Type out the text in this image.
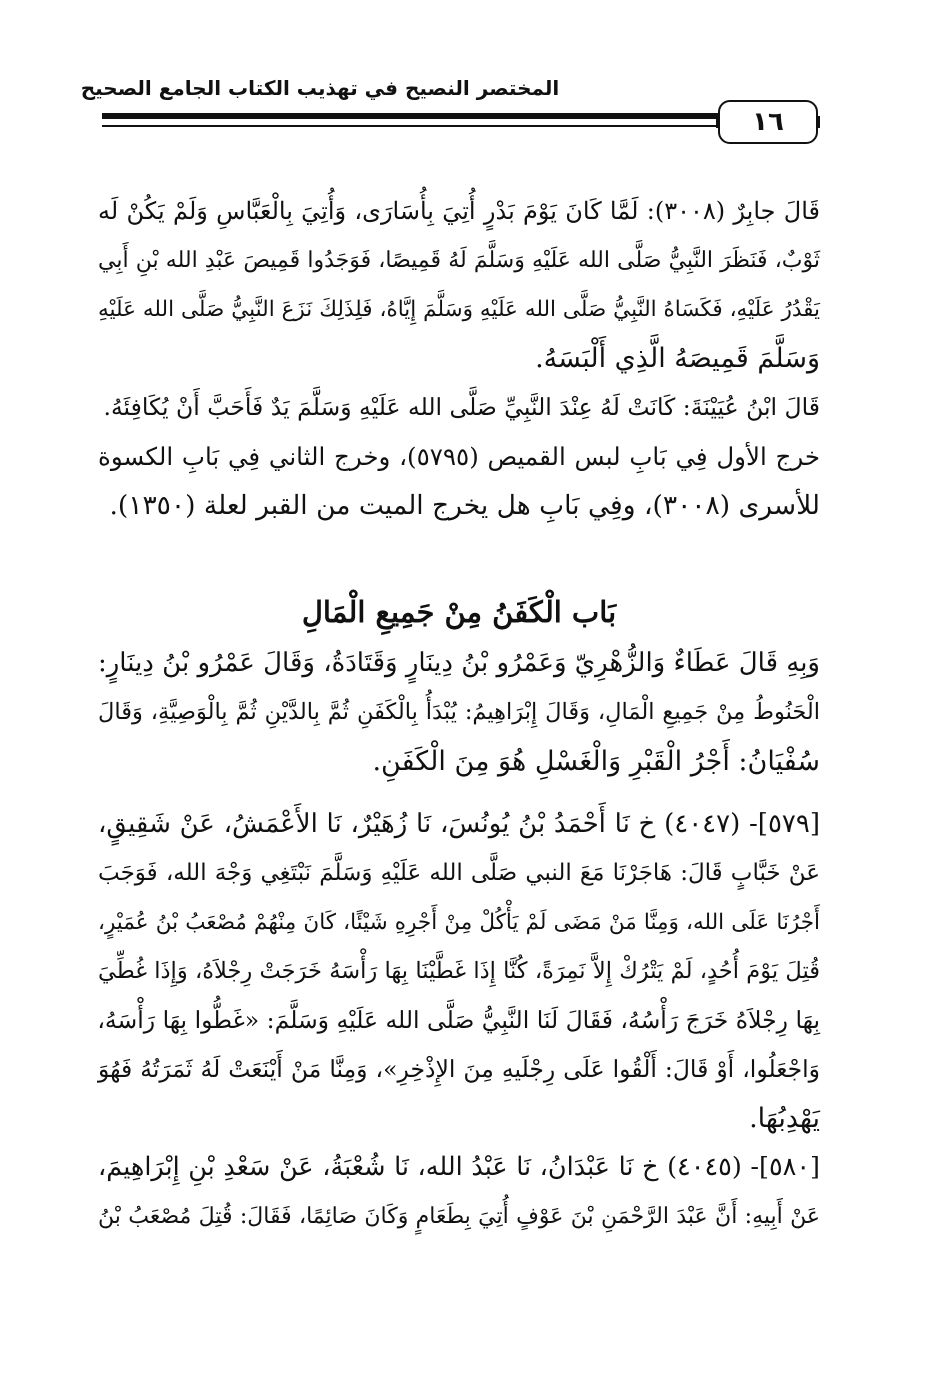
المختصر النصيح في تهذيب الكتاب الجامع الصحيح
١٦
قَالَ جابِرٌ (٣٠٠٨): لَمَّا كَانَ يَوْمَ بَدْرٍ أُتِيَ بِأُسَارَى، وَأُتِيَ بِالْعَبَّاسِ وَلَمْ يَكُنْ لَه
ثَوْبٌ، فَنَظَرَ النَّبِيُّ صَلَّى الله عَلَيْهِ وَسَلَّمَ لَهُ قَمِيصًا، فَوَجَدُوا قَمِيصَ عَبْدِ الله بْنِ أَبِي
يَقْدُرُ عَلَيْهِ، فَكَسَاهُ النَّبِيُّ صَلَّى الله عَلَيْهِ وَسَلَّمَ إِيَّاهُ، فَلِذَلِكَ نَزَعَ النَّبِيُّ صَلَّى الله عَلَيْهِ
وَسَلَّمَ قَمِيصَهُ الَّذِي أَلْبَسَهُ.
قَالَ ابْنُ عُيَيْنَةَ: كَانَتْ لَهُ عِنْدَ النَّبِيِّ صَلَّى الله عَلَيْهِ وَسَلَّمَ يَدٌ فَأَحَبَّ أَنْ يُكَافِئَهُ.
خرج الأول فِي بَابِ لبس القميص (٥٧٩٥)، وخرج الثاني فِي بَابِ الكسوة
للأسرى (٣٠٠٨)، وفِي بَابِ هل يخرج الميت من القبر لعلة (١٣٥٠).
بَاب الْكَفَنُ مِنْ جَمِيعِ الْمَالِ
وَبِهِ قَالَ عَطَاءٌ وَالزُّهْرِيّ وَعَمْرُو بْنُ دِينَارٍ وَقَتَادَةُ، وَقَالَ عَمْرُو بْنُ دِينَارٍ:
الْحَنُوطُ مِنْ جَمِيعِ الْمَالِ، وَقَالَ إِبْرَاهِيمُ: يُبْدَأُ بِالْكَفَنِ ثُمَّ بِالدَّيْنِ ثُمَّ بِالْوَصِيَّةِ، وَقَالَ
سُفْيَانُ: أَجْرُ الْقَبْرِ وَالْغَسْلِ هُوَ مِنَ الْكَفَنِ.
[٥٧٩]- (٤٠٤٧) خ نَا أَحْمَدُ بْنُ يُونُسَ، نَا زُهَيْرٌ، نَا الأَعْمَشُ، عَنْ شَقِيقٍ،
عَنْ خَبَّابٍ قَالَ: هَاجَرْنَا مَعَ النبي صَلَّى الله عَلَيْهِ وَسَلَّمَ نَبْتَغِي وَجْهَ الله، فَوَجَبَ
أَجْرُنَا عَلَى الله، وَمِنَّا مَنْ مَضَى لَمْ يَأْكُلْ مِنْ أَجْرِهِ شَيْئًا، كَانَ مِنْهُمْ مُصْعَبُ بْنُ عُمَيْرٍ،
قُتِلَ يَوْمَ أُحُدٍ، لَمْ يَتْرُكْ إِلاَّ نَمِرَةً، كُنَّا إِذَا غَطَّيْنَا بِهَا رَأْسَهُ خَرَجَتْ رِجْلاَهُ، وَإِذَا غُطِّيَ
بِهَا رِجْلاَهُ خَرَجَ رَأْسُهُ، فَقَالَ لَنَا النَّبِيُّ صَلَّى الله عَلَيْهِ وَسَلَّمَ: «غَطُّوا بِهَا رَأْسَهُ،
وَاجْعَلُوا، أَوْ قَالَ: أَلْقُوا عَلَى رِجْلَيهِ مِنَ الإِذْخِرِ»، وَمِنَّا مَنْ أَيْنَعَتْ لَهُ ثَمَرَتُهُ فَهُوَ
يَهْدِبُهَا.
[٥٨٠]- (٤٠٤٥) خ نَا عَبْدَانُ، نَا عَبْدُ الله، نَا شُعْبَةُ، عَنْ سَعْدِ بْنِ إِبْرَاهِيمَ،
عَنْ أَبِيهِ: أَنَّ عَبْدَ الرَّحْمَنِ بْنَ عَوْفٍ أُتِيَ بِطَعَامٍ وَكَانَ صَائِمًا، فَقَالَ: قُتِلَ مُصْعَبُ بْنُ
